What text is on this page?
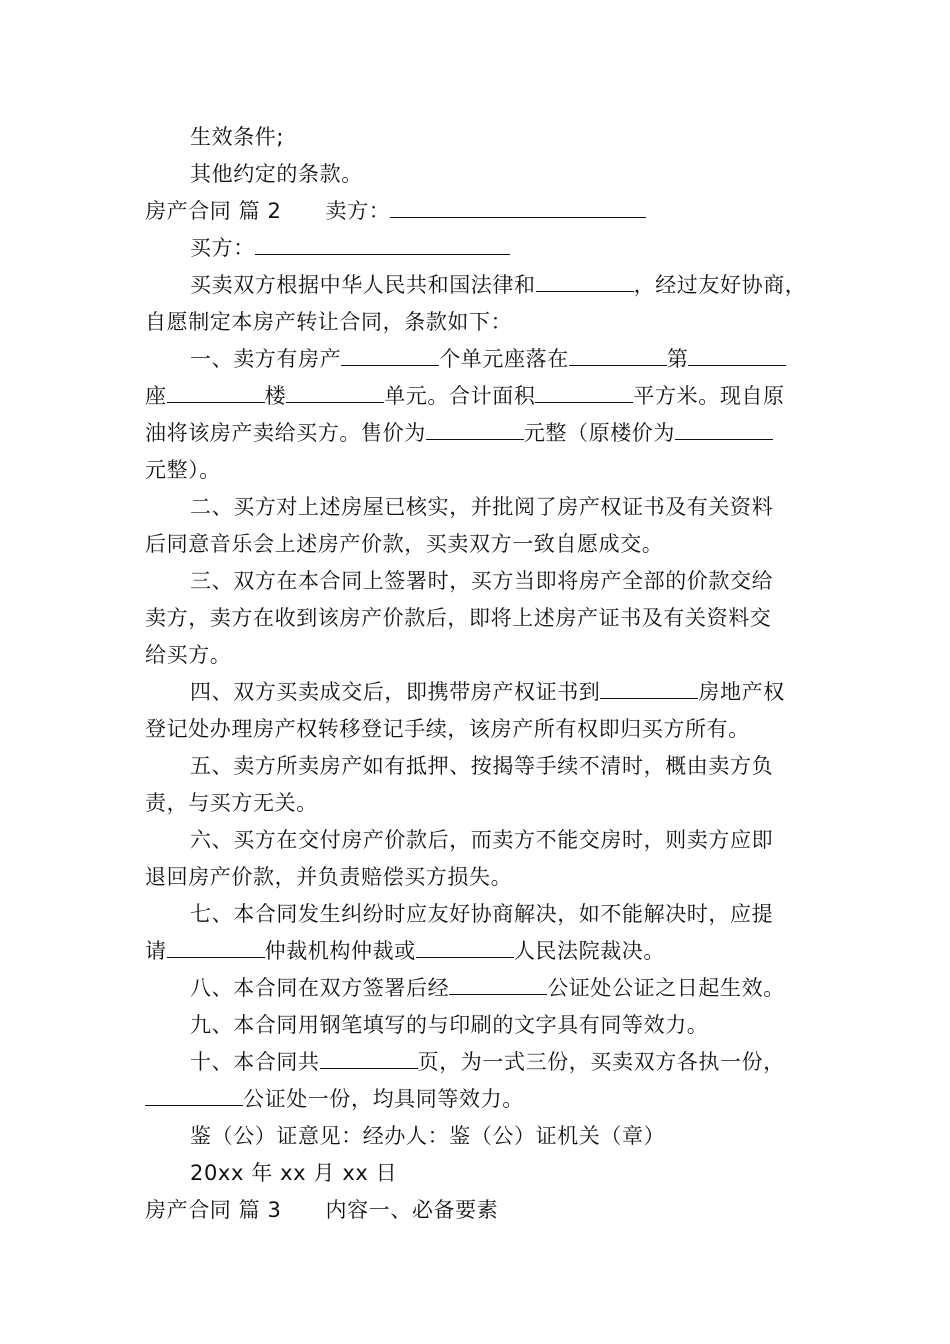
生效条件;
其他约定的条款。
房产合同 篇 2 卖方：
买方：
买卖双方根据中华人民共和国法律和	，经过友好协商，
自愿制定本房产转让合同，条款如下：
一、卖方有房产	个单元座落在	第
座	楼	单元。合计面积	平方米。现自原
油将该房产卖给买方。售价为	元整（原楼价为
元整）。
二、买方对上述房屋已核实，并批阅了房产权证书及有关资料
后同意音乐会上述房产价款，买卖双方一致自愿成交。
三、双方在本合同上签署时，买方当即将房产全部的价款交给
卖方，卖方在收到该房产价款后，即将上述房产证书及有关资料交
给买方。
四、双方买卖成交后，即携带房产权证书到	房地产权
登记处办理房产权转移登记手续，该房产所有权即归买方所有。
五、卖方所卖房产如有抵押、按揭等手续不清时，概由卖方负
责，与买方无关。
六、买方在交付房产价款后，而卖方不能交房时，则卖方应即
退回房产价款，并负责赔偿买方损失。
七、本合同发生纠纷时应友好协商解决，如不能解决时，应提
请	仲裁机构仲裁或	人民法院裁决。
八、本合同在双方签署后经	公证处公证之日起生效。
九、本合同用钢笔填写的与印刷的文字具有同等效力。
十、本合同共	页，为一式三份，买卖双方各执一份，
公证处一份，均具同等效力。
鉴（公）证意见：经办人：鉴（公）证机关（章）
20xx 年 xx 月 xx 日
房产合同 篇 3 内容一、必备要素
